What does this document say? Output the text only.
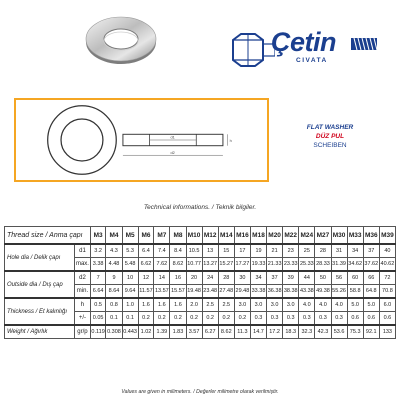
Çetin
CIVATA
d1
d2
h
FLAT WASHER
DÜZ PUL
SCHEIBEN
Technical informations. / Teknik bilgiler.
Thread size / Anma çapı		M3	M4	M5	M6	M7	M8	M10	M12	M14	M16	M18	M20	M22	M24	M27	M30	M33	M36	M39
Hole dia / Delik çapı	d1	3.2	4.3	5.3	6.4	7.4	8.4	10.5	13	15	17	19	21	23	25	28	31	34	37	40
	max.	3.38	4.48	5.48	6.62	7.62	8.62	10.77	13.27	15.27	17.27	19.33	21.33	23.33	25.33	28.33	31.39	34.62	37.62	40.62
Outside dia / Dış çap	d2	7	9	10	12	14	16	20	24	28	30	34	37	39	44	50	56	60	66	72
	min.	6.64	8.64	9.64	11.57	13.57	15.57	19.48	23.48	27.48	29.48	33.38	36.38	38.38	43.38	49.38	55.26	58.8	64.8	70.8
Thickness / Et kalınlığı	h	0.5	0.8	1.0	1.6	1.6	1.6	2.0	2.5	2.5	3.0	3.0	3.0	3.0	4.0	4.0	4.0	5.0	5.0	6.0
	+/-	0.05	0.1	0.1	0.2	0.2	0.2	0.2	0.2	0.2	0.2	0.3	0.3	0.3	0.3	0.3	0.3	0.6	0.6	0.6
Weight / Ağırlık	gr/p	0.119	0.308	0.443	1.02	1.39	1.83	3.57	6.27	8.62	11.3	14.7	17.2	18.3	32.3	42.3	53.6	75.3	92.1	133
Values are given in milimeters. / Değerler milimetre olarak verilmiştir.
